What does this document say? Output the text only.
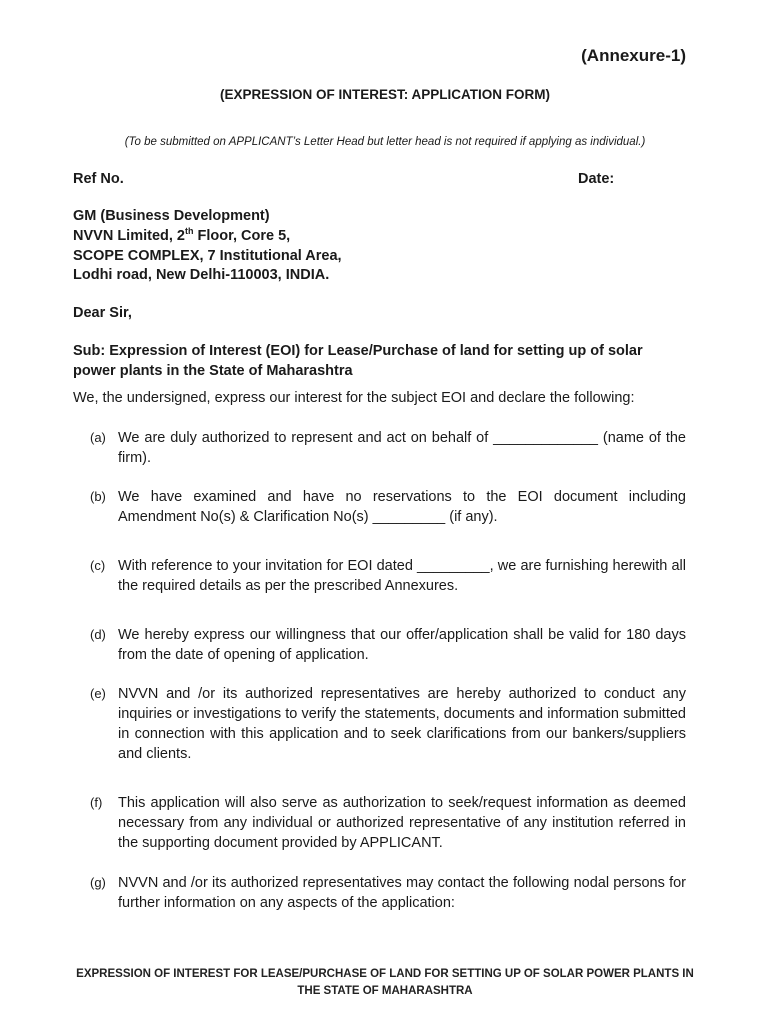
(Annexure-1)
(EXPRESSION OF INTEREST: APPLICATION FORM)
(To be submitted on APPLICANT’s Letter Head but letter head is not required if applying as individual.)
Ref No.	Date:
GM (Business Development)
NVVN Limited, 2th Floor, Core 5,
SCOPE COMPLEX, 7 Institutional Area,
Lodhi road, New Delhi-110003, INDIA.
Dear Sir,
Sub: Expression of Interest (EOI) for Lease/Purchase of land for setting up of solar power plants in the State of Maharashtra
We, the undersigned, express our interest for the subject EOI and declare the following:
(a) We are duly authorized to represent and act on behalf of _____________ (name of the firm).
(b) We have examined and have no reservations to the EOI document including Amendment No(s) & Clarification No(s) _________ (if any).
(c) With reference to your invitation for EOI dated _________, we are furnishing herewith all the required details as per the prescribed Annexures.
(d) We hereby express our willingness that our offer/application shall be valid for 180 days from the date of opening of application.
(e) NVVN and /or its authorized representatives are hereby authorized to conduct any inquiries or investigations to verify the statements, documents and information submitted in connection with this application and to seek clarifications from our bankers/suppliers and clients.
(f) This application will also serve as authorization to seek/request information as deemed necessary from any individual or authorized representative of any institution referred in the supporting document provided by APPLICANT.
(g) NVVN and /or its authorized representatives may contact the following nodal persons for further information on any aspects of the application:
EXPRESSION OF INTEREST FOR LEASE/PURCHASE OF LAND FOR SETTING UP OF SOLAR POWER PLANTS IN
THE STATE OF MAHARASHTRA
